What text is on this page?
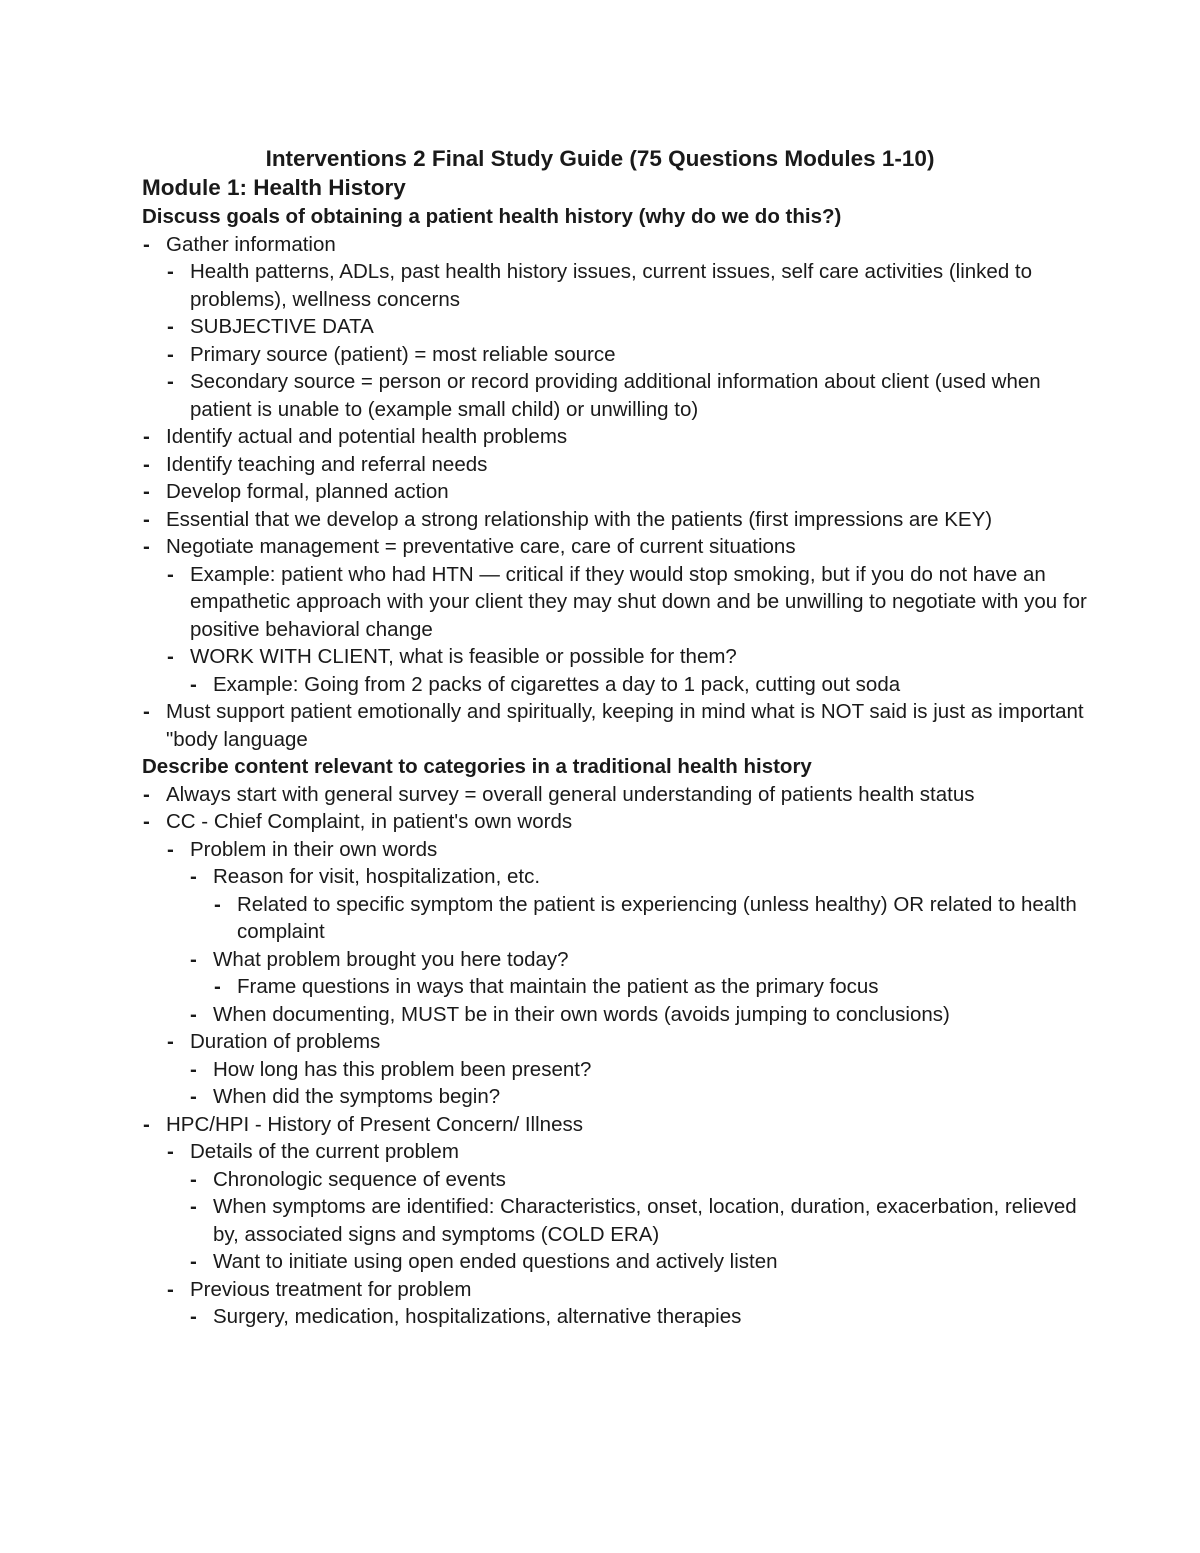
Interventions 2 Final Study Guide (75 Questions Modules 1-10)
Module 1: Health History
Discuss goals of obtaining a patient health history (why do we do this?)
- Gather information
- Health patterns, ADLs, past health history issues, current issues, self care activities (linked to problems), wellness concerns
- SUBJECTIVE DATA
- Primary source (patient) = most reliable source
- Secondary source = person or record providing additional information about client (used when patient is unable to (example small child) or unwilling to)
- Identify actual and potential health problems
- Identify teaching and referral needs
- Develop formal, planned action
- Essential that we develop a strong relationship with the patients (first impressions are KEY)
- Negotiate management = preventative care, care of current situations
- Example: patient who had HTN — critical if they would stop smoking, but if you do not have an empathetic approach with your client they may shut down and be unwilling to negotiate with you for positive behavioral change
- WORK WITH CLIENT, what is feasible or possible for them?
- Example: Going from 2 packs of cigarettes a day to 1 pack, cutting out soda
- Must support patient emotionally and spiritually, keeping in mind what is NOT said is just as important "body language
Describe content relevant to categories in a traditional health history
- Always start with general survey = overall general understanding of patients health status
- CC - Chief Complaint, in patient's own words
- Problem in their own words
- Reason for visit, hospitalization, etc.
- Related to specific symptom the patient is experiencing (unless healthy) OR related to health complaint
- What problem brought you here today?
- Frame questions in ways that maintain the patient as the primary focus
- When documenting, MUST be in their own words (avoids jumping to conclusions)
- Duration of problems
- How long has this problem been present?
- When did the symptoms begin?
- HPC/HPI - History of Present Concern/ Illness
- Details of the current problem
- Chronologic sequence of events
- When symptoms are identified: Characteristics, onset, location, duration, exacerbation, relieved by, associated signs and symptoms (COLD ERA)
- Want to initiate using open ended questions and actively listen
- Previous treatment for problem
- Surgery, medication, hospitalizations, alternative therapies
